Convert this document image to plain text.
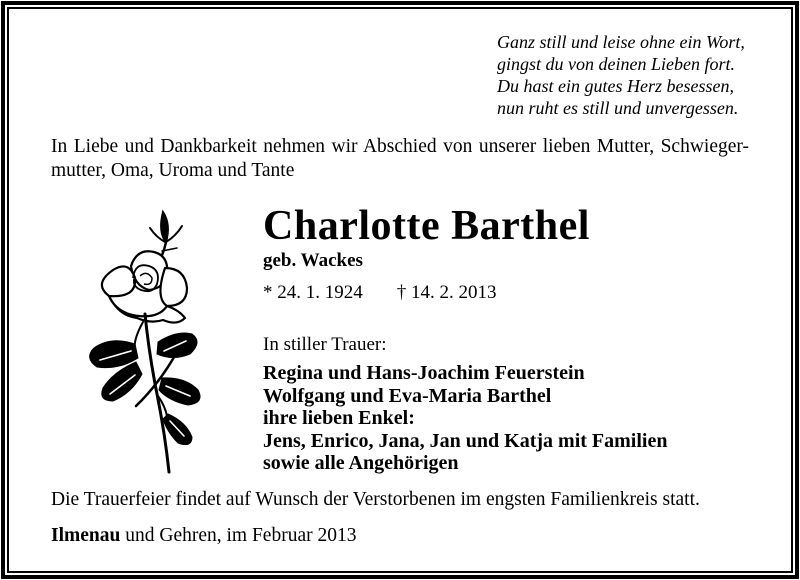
Ganz still und leise ohne ein Wort,
gingst du von deinen Lieben fort.
Du hast ein gutes Herz besessen,
nun ruht es still und unvergessen.
In Liebe und Dankbarkeit nehmen wir Abschied von unserer lieben Mutter, Schwieger-
mutter, Oma, Uroma und Tante
Charlotte Barthel
geb. Wackes
* 24. 1. 1924 † 14. 2. 2013
In stiller Trauer:
Regina und Hans-Joachim Feuerstein
Wolfgang und Eva-Maria Barthel
ihre lieben Enkel:
Jens, Enrico, Jana, Jan und Katja mit Familien
sowie alle Angehörigen
Die Trauerfeier findet auf Wunsch der Verstorbenen im engsten Familienkreis statt.
Ilmenau und Gehren, im Februar 2013
